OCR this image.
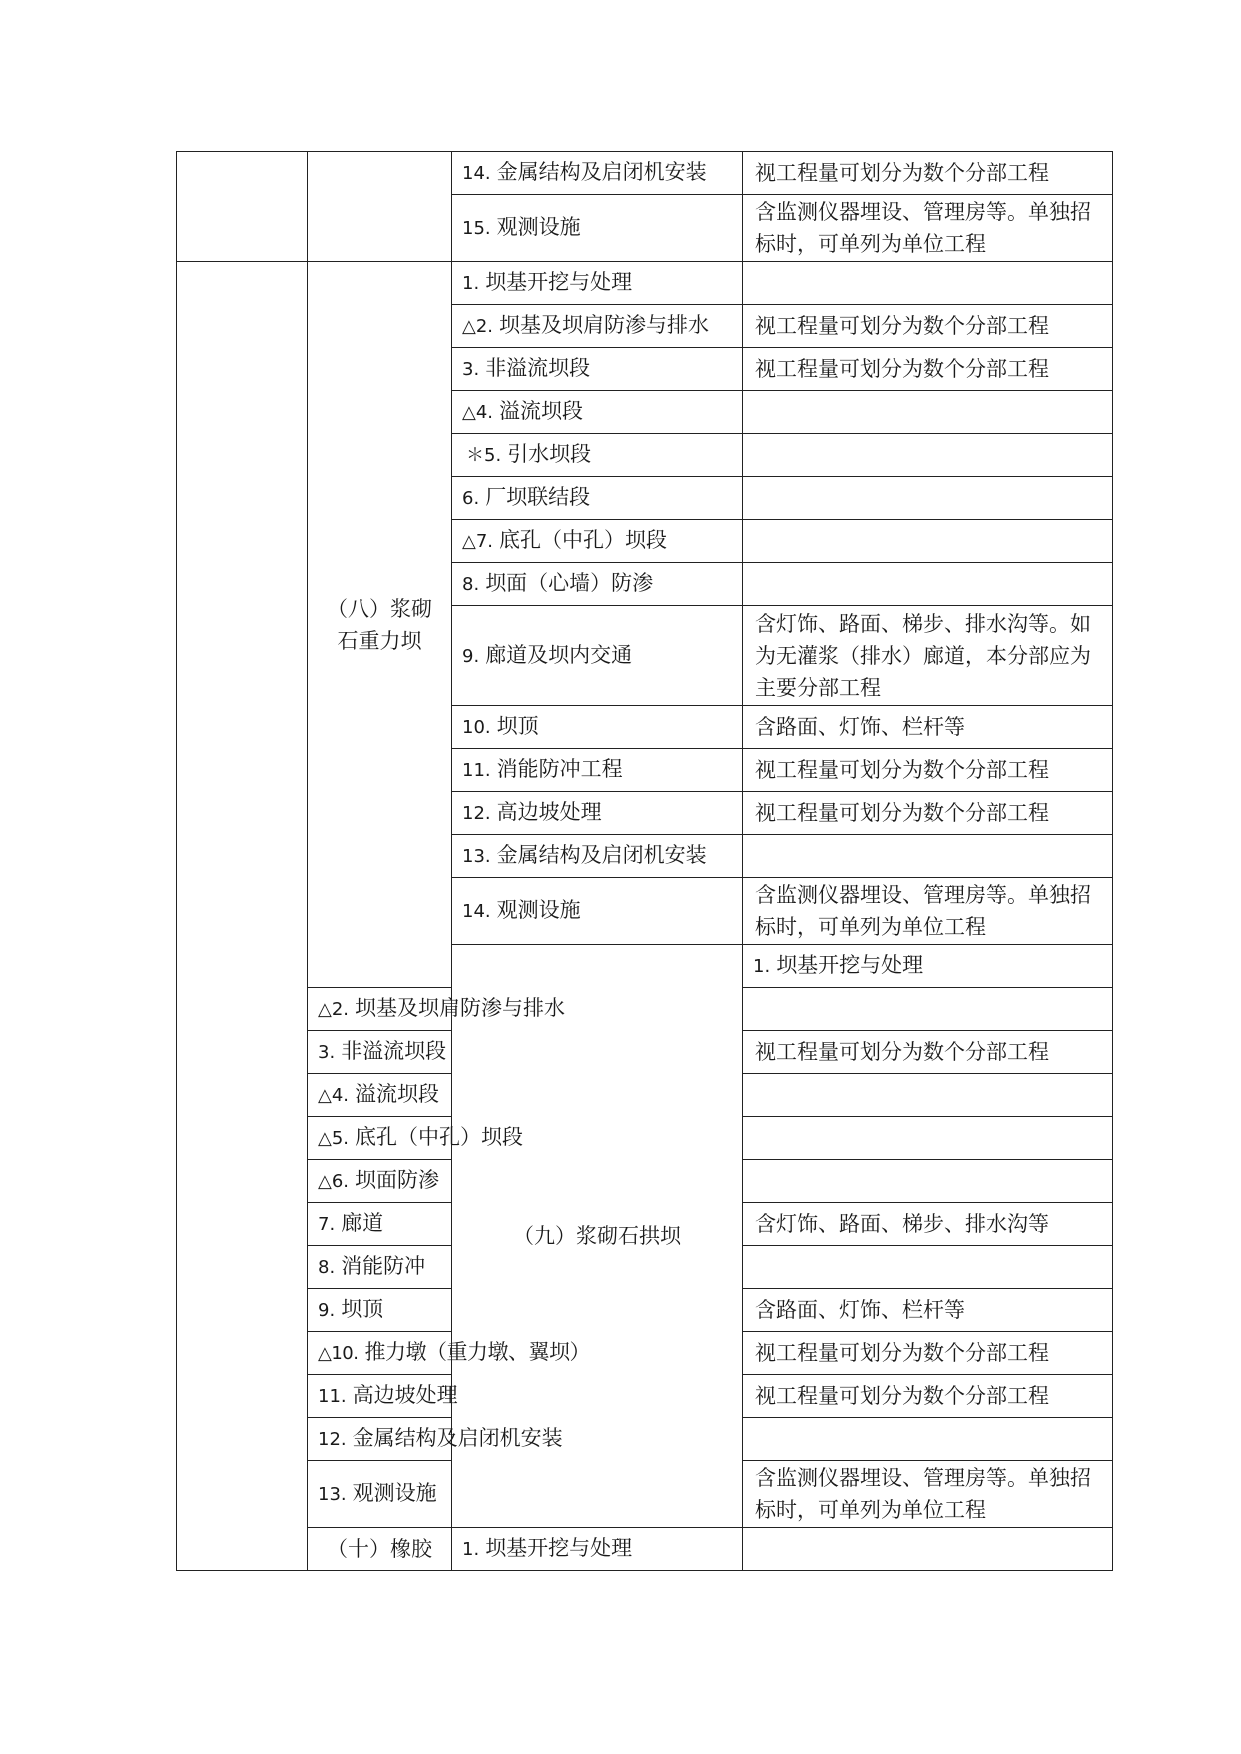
		14. 金属结构及启闭机安装	视工程量可划分为数个分部工程	
		15. 观测设施	含监测仪器埋设、管理房等。单独招标时，可单列为单位工程	
	（八）浆砌石重力坝	1. 坝基开挖与处理		
		△2. 坝基及坝肩防渗与排水	视工程量可划分为数个分部工程	
		3. 非溢流坝段	视工程量可划分为数个分部工程	
		△4. 溢流坝段		
		＊5. 引水坝段		
		6. 厂坝联结段		
		△7. 底孔（中孔）坝段		
		8. 坝面（心墙）防渗		
		9. 廊道及坝内交通	含灯饰、路面、梯步、排水沟等。如为无灌浆（排水）廊道，本分部应为主要分部工程	
		10. 坝顶	含路面、灯饰、栏杆等	
		11. 消能防冲工程	视工程量可划分为数个分部工程	
		12. 高边坡处理	视工程量可划分为数个分部工程	
		13. 金属结构及启闭机安装		
		14. 观测设施	含监测仪器埋设、管理房等。单独招标时，可单列为单位工程	
		（九）浆砌石拱坝	1. 坝基开挖与处理	
	△2. 坝基及坝肩防渗与排水			
	3. 非溢流坝段		视工程量可划分为数个分部工程	
	△4. 溢流坝段			
	△5. 底孔（中孔）坝段			
	△6. 坝面防渗			
	7. 廊道		含灯饰、路面、梯步、排水沟等	
	8. 消能防冲			
	9. 坝顶		含路面、灯饰、栏杆等	
	△10. 推力墩（重力墩、翼坝）		视工程量可划分为数个分部工程	
	11. 高边坡处理		视工程量可划分为数个分部工程	
	12. 金属结构及启闭机安装			
	13. 观测设施		含监测仪器埋设、管理房等。单独招标时，可单列为单位工程	
	（十）橡胶	1. 坝基开挖与处理		
